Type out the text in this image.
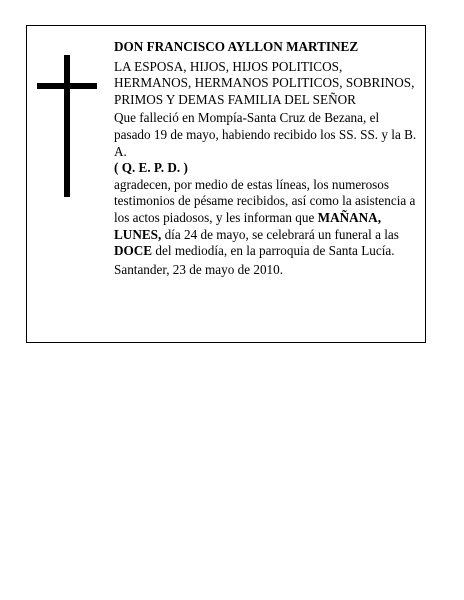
DON FRANCISCO AYLLON MARTINEZ

LA ESPOSA, HIJOS, HIJOS POLITICOS, HERMANOS, HERMANOS POLITICOS, SOBRINOS, PRIMOS Y DEMAS FAMILIA DEL SEÑOR

Que falleció en Mompía-Santa Cruz de Bezana, el pasado 19 de mayo, habiendo recibido los SS. SS. y la B. A.

( Q. E. P. D. )

agradecen, por medio de estas líneas, los numerosos testimonios de pésame recibidos, así como la asistencia a los actos piadosos, y les informan que MAÑANA, LUNES, día 24 de mayo, se celebrará un funeral a las DOCE del mediodía, en la parroquia de Santa Lucía.

Santander, 23 de mayo de 2010.
